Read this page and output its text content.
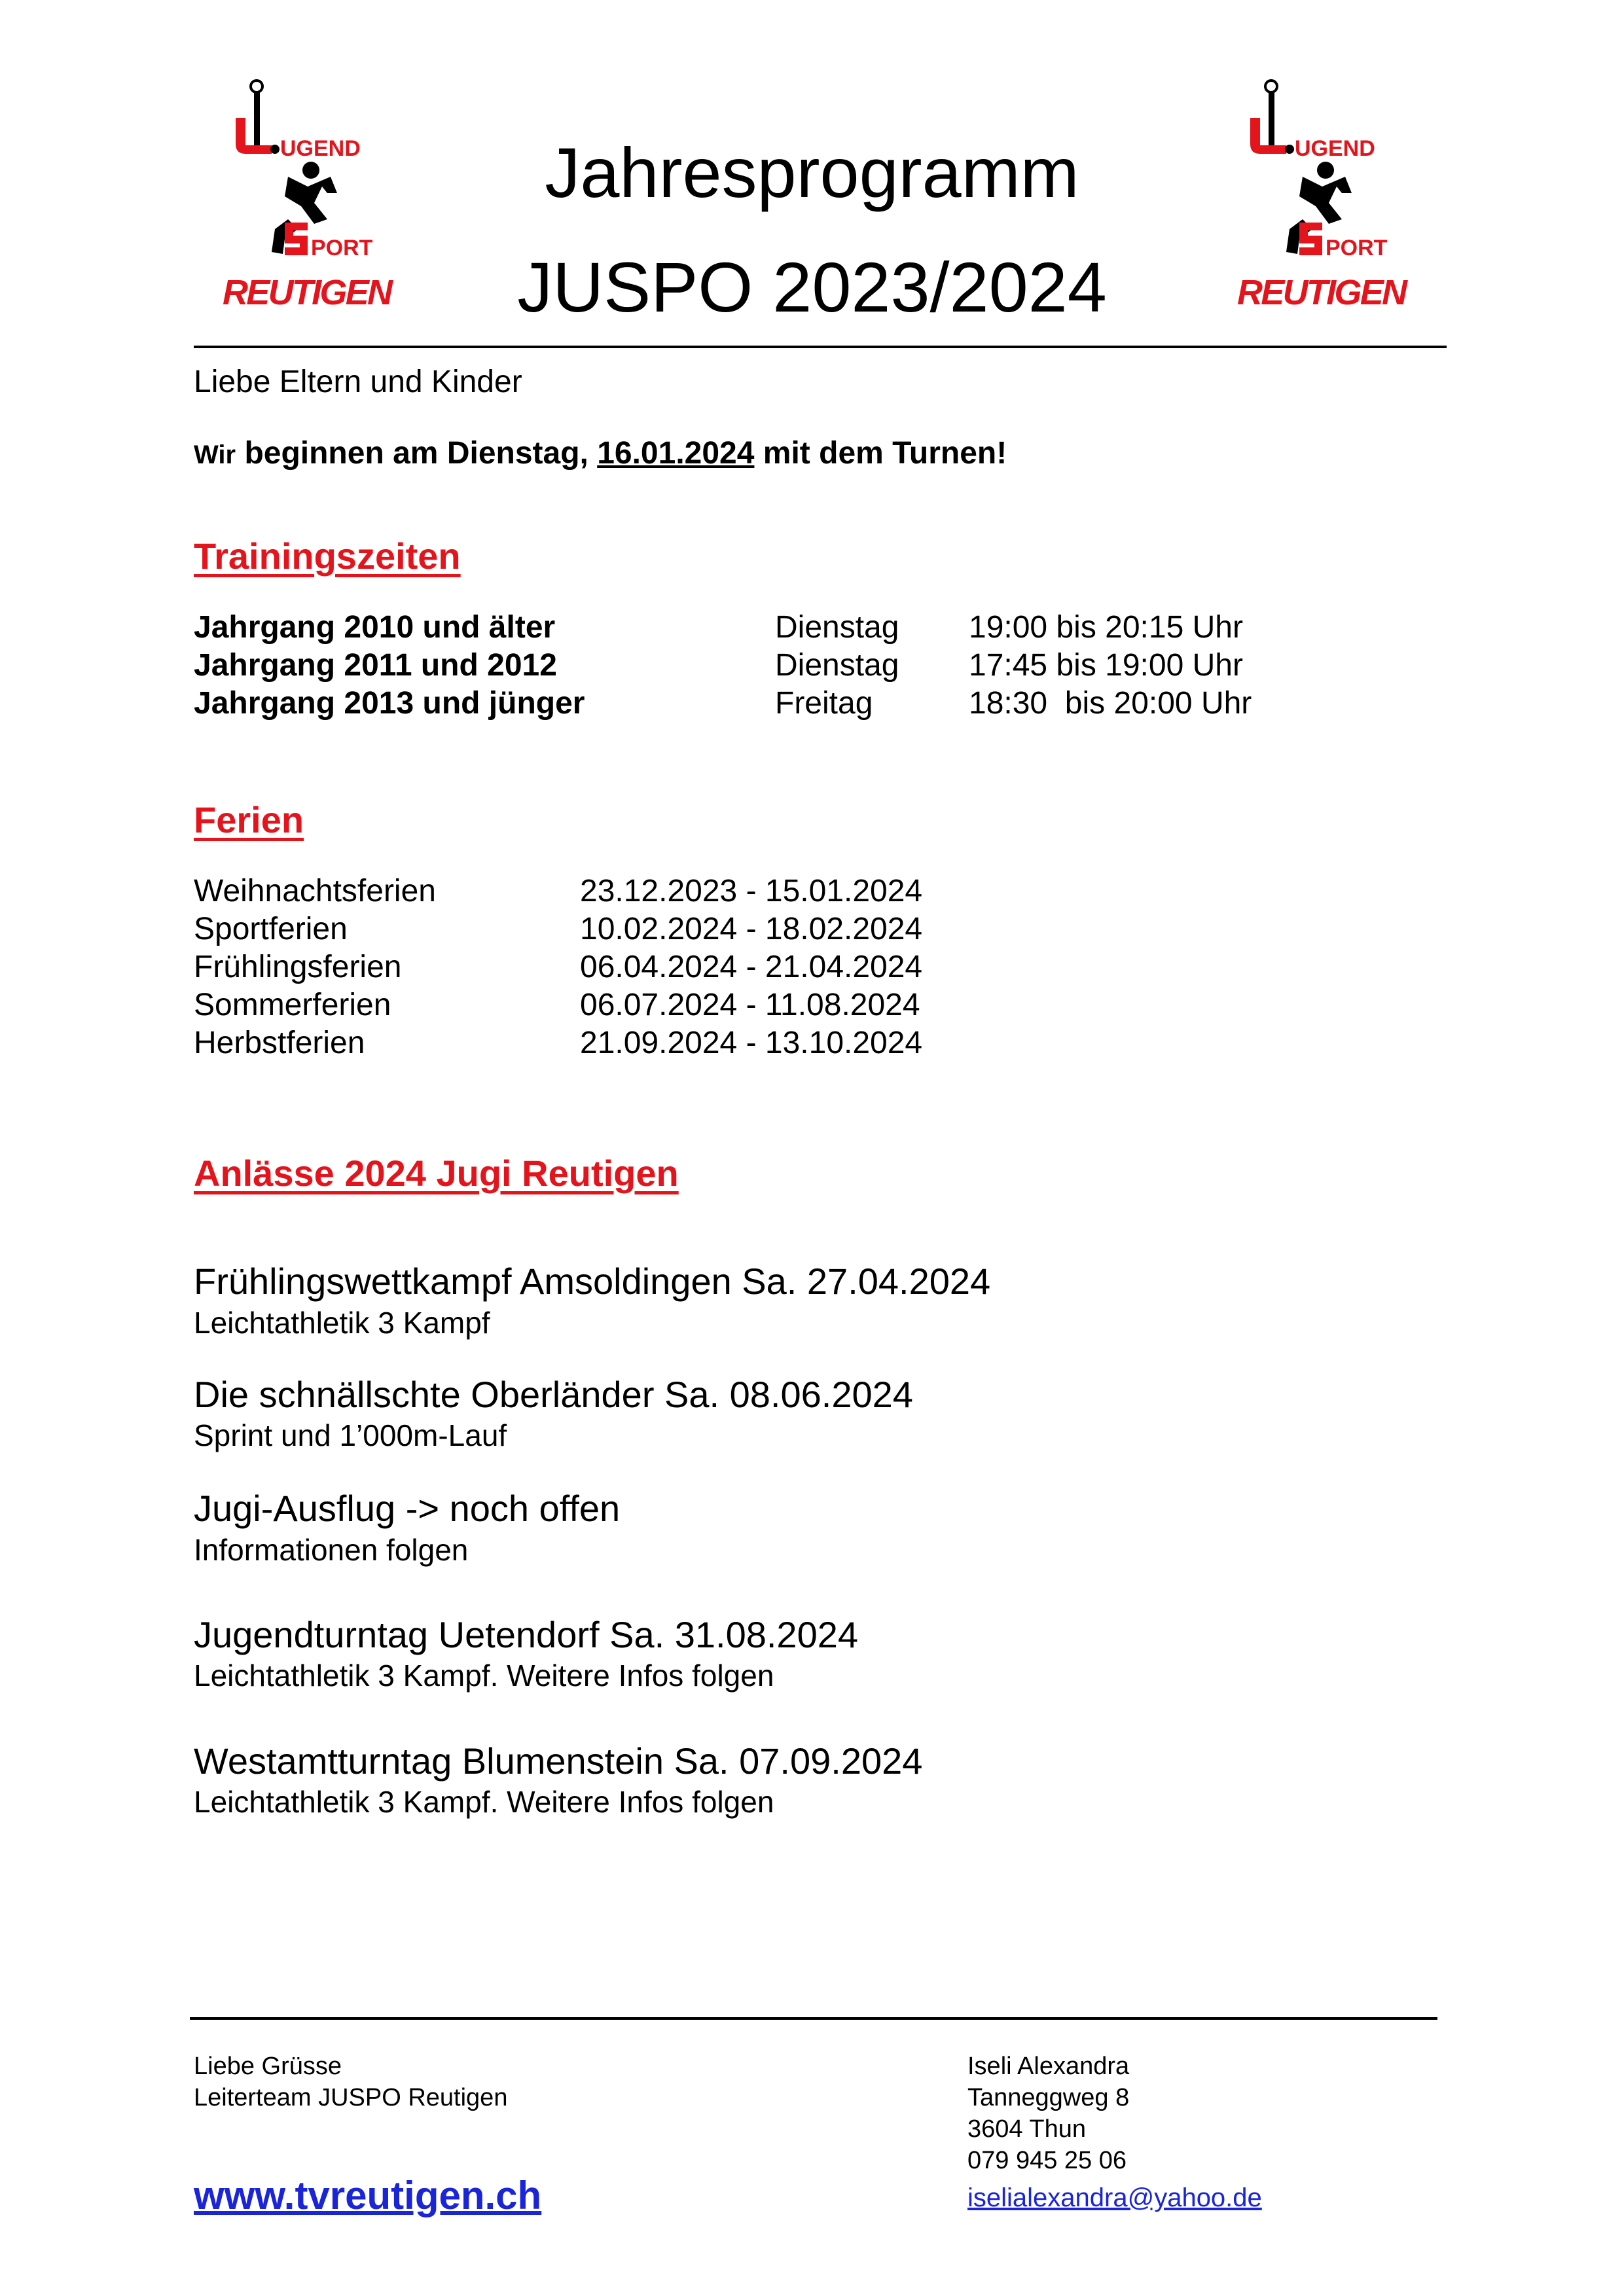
UGEND
PORT
REUTIGEN
UGEND
PORT
REUTIGEN
Jahresprogramm
JUSPO 2023/2024
Liebe Eltern und Kinder
Wir beginnen am Dienstag, 16.01.2024 mit dem Turnen!
Trainingszeiten
Jahrgang 2010 und älter	Dienstag 19:00 bis 20:15 Uhr
Jahrgang 2011 und 2012	Dienstag 17:45 bis 19:00 Uhr
Jahrgang 2013 und jünger	Freitag	18:30  bis 20:00 Uhr
Ferien
Weihnachtsferien	23.12.2023 - 15.01.2024
Sportferien	10.02.2024 - 18.02.2024
Frühlingsferien	06.04.2024 - 21.04.2024
Sommerferien	06.07.2024 - 11.08.2024
Herbstferien	21.09.2024 - 13.10.2024
Anlässe 2024 Jugi Reutigen
Frühlingswettkampf Amsoldingen Sa. 27.04.2024
Leichtathletik 3 Kampf
Die schnällschte Oberländer Sa. 08.06.2024
Sprint und 1’000m-Lauf
Jugi-Ausflug -> noch offen
Informationen folgen
Jugendturntag Uetendorf Sa. 31.08.2024
Leichtathletik 3 Kampf. Weitere Infos folgen
Westamtturntag Blumenstein Sa. 07.09.2024
Leichtathletik 3 Kampf. Weitere Infos folgen
Liebe Grüsse
Leiterteam JUSPO Reutigen
Iseli Alexandra
Tanneggweg 8
3604 Thun
079 945 25 06
www.tvreutigen.ch	iselialexandra@yahoo.de
